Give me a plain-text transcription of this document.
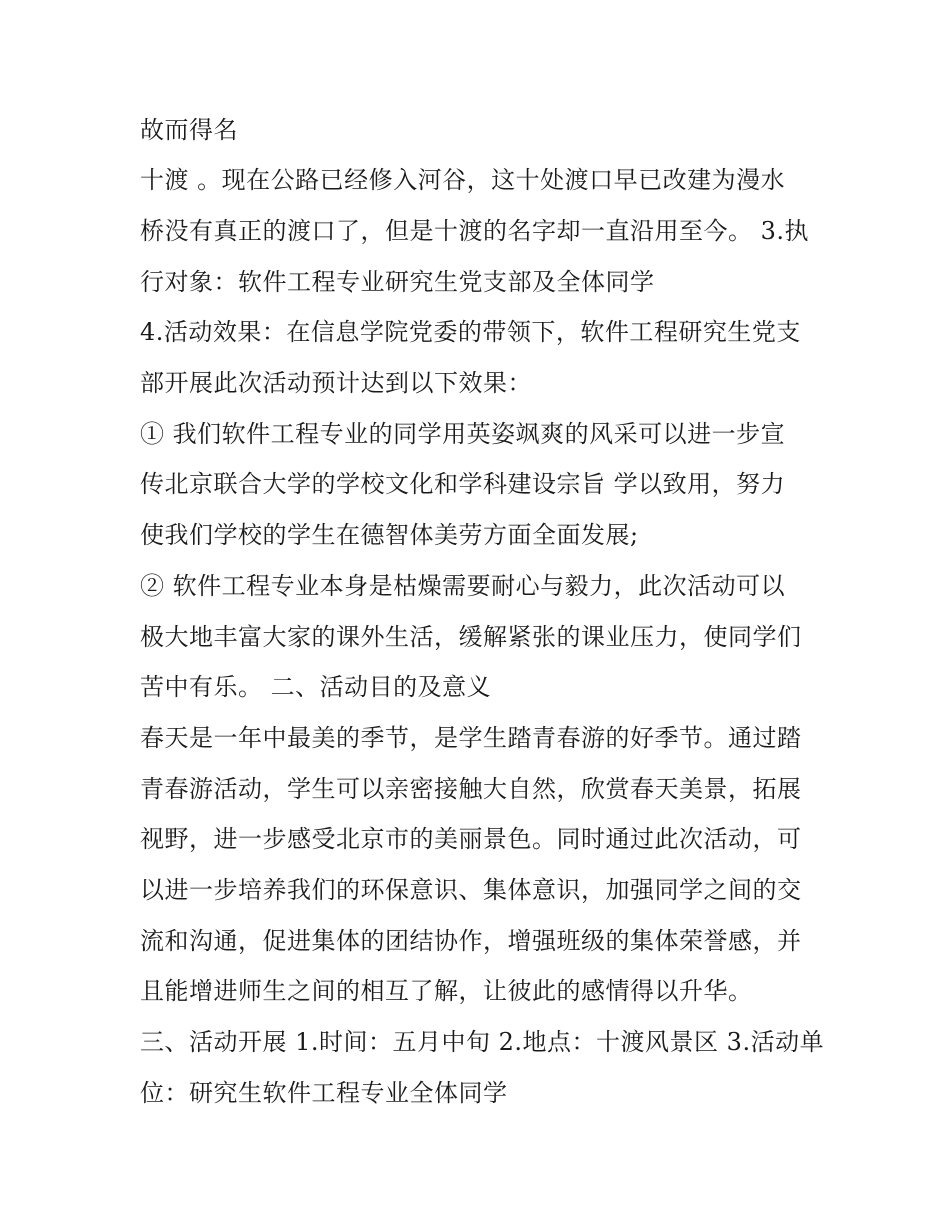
故而得名
十渡 。现在公路已经修入河谷，这十处渡口早已改建为漫水
桥没有真正的渡口了，但是十渡的名字却一直沿用至今。 3.执
行对象：软件工程专业研究生党支部及全体同学
4.活动效果：在信息学院党委的带领下，软件工程研究生党支
部开展此次活动预计达到以下效果：
① 我们软件工程专业的同学用英姿飒爽的风采可以进一步宣
传北京联合大学的学校文化和学科建设宗旨 学以致用，努力
使我们学校的学生在德智体美劳方面全面发展;
② 软件工程专业本身是枯燥需要耐心与毅力，此次活动可以
极大地丰富大家的课外生活，缓解紧张的课业压力，使同学们
苦中有乐。 二、活动目的及意义
春天是一年中最美的季节，是学生踏青春游的好季节。通过踏
青春游活动，学生可以亲密接触大自然，欣赏春天美景，拓展
视野，进一步感受北京市的美丽景色。同时通过此次活动，可
以进一步培养我们的环保意识、集体意识，加强同学之间的交
流和沟通，促进集体的团结协作，增强班级的集体荣誉感，并
且能增进师生之间的相互了解，让彼此的感情得以升华。
三、活动开展 1.时间：五月中旬 2.地点：十渡风景区 3.活动单
位：研究生软件工程专业全体同学
